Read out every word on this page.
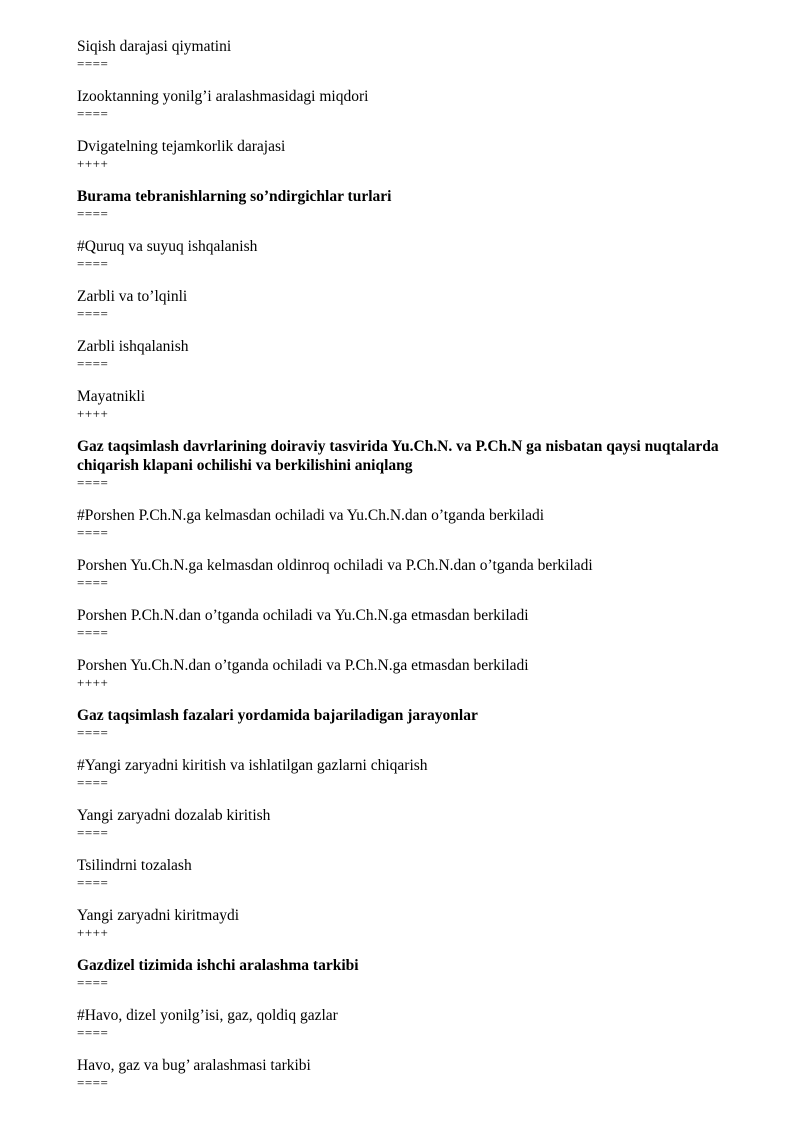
Siqish darajasi qiymatini
====
Izooktanning yonilg’i aralashmasidagi miqdori
====
Dvigatelning tejamkorlik darajasi
++++
Burama tebranishlarning so’ndirgichlar turlari
====
#Quruq va suyuq ishqalanish
====
Zarbli va to’lqinli
====
Zarbli ishqalanish
====
Mayatnikli
++++
Gaz taqsimlash davrlarining doiraviy tasvirida Yu.Ch.N. va P.Ch.N ga nisbatan qaysi nuqtalarda chiqarish klapani ochilishi va berkilishini aniqlang
====
#Porshen P.Ch.N.ga kelmasdan ochiladi va Yu.Ch.N.dan o’tganda berkiladi
====
Porshen Yu.Ch.N.ga kelmasdan oldinroq ochiladi va P.Ch.N.dan o’tganda berkiladi
====
Porshen P.Ch.N.dan o’tganda ochiladi va Yu.Ch.N.ga etmasdan berkiladi
====
Porshen Yu.Ch.N.dan o’tganda ochiladi va P.Ch.N.ga etmasdan berkiladi
++++
Gaz taqsimlash fazalari yordamida bajariladigan jarayonlar
====
#Yangi zaryadni kiritish va ishlatilgan gazlarni chiqarish
====
Yangi zaryadni dozalab kiritish
====
Tsilindrni tozalash
====
Yangi zaryadni kiritmaydi
++++
Gazdizel tizimida ishchi aralashma tarkibi
====
#Havo, dizel yonilg’isi, gaz, qoldiq gazlar
====
Havo, gaz va bug’ aralashmasi tarkibi
====
